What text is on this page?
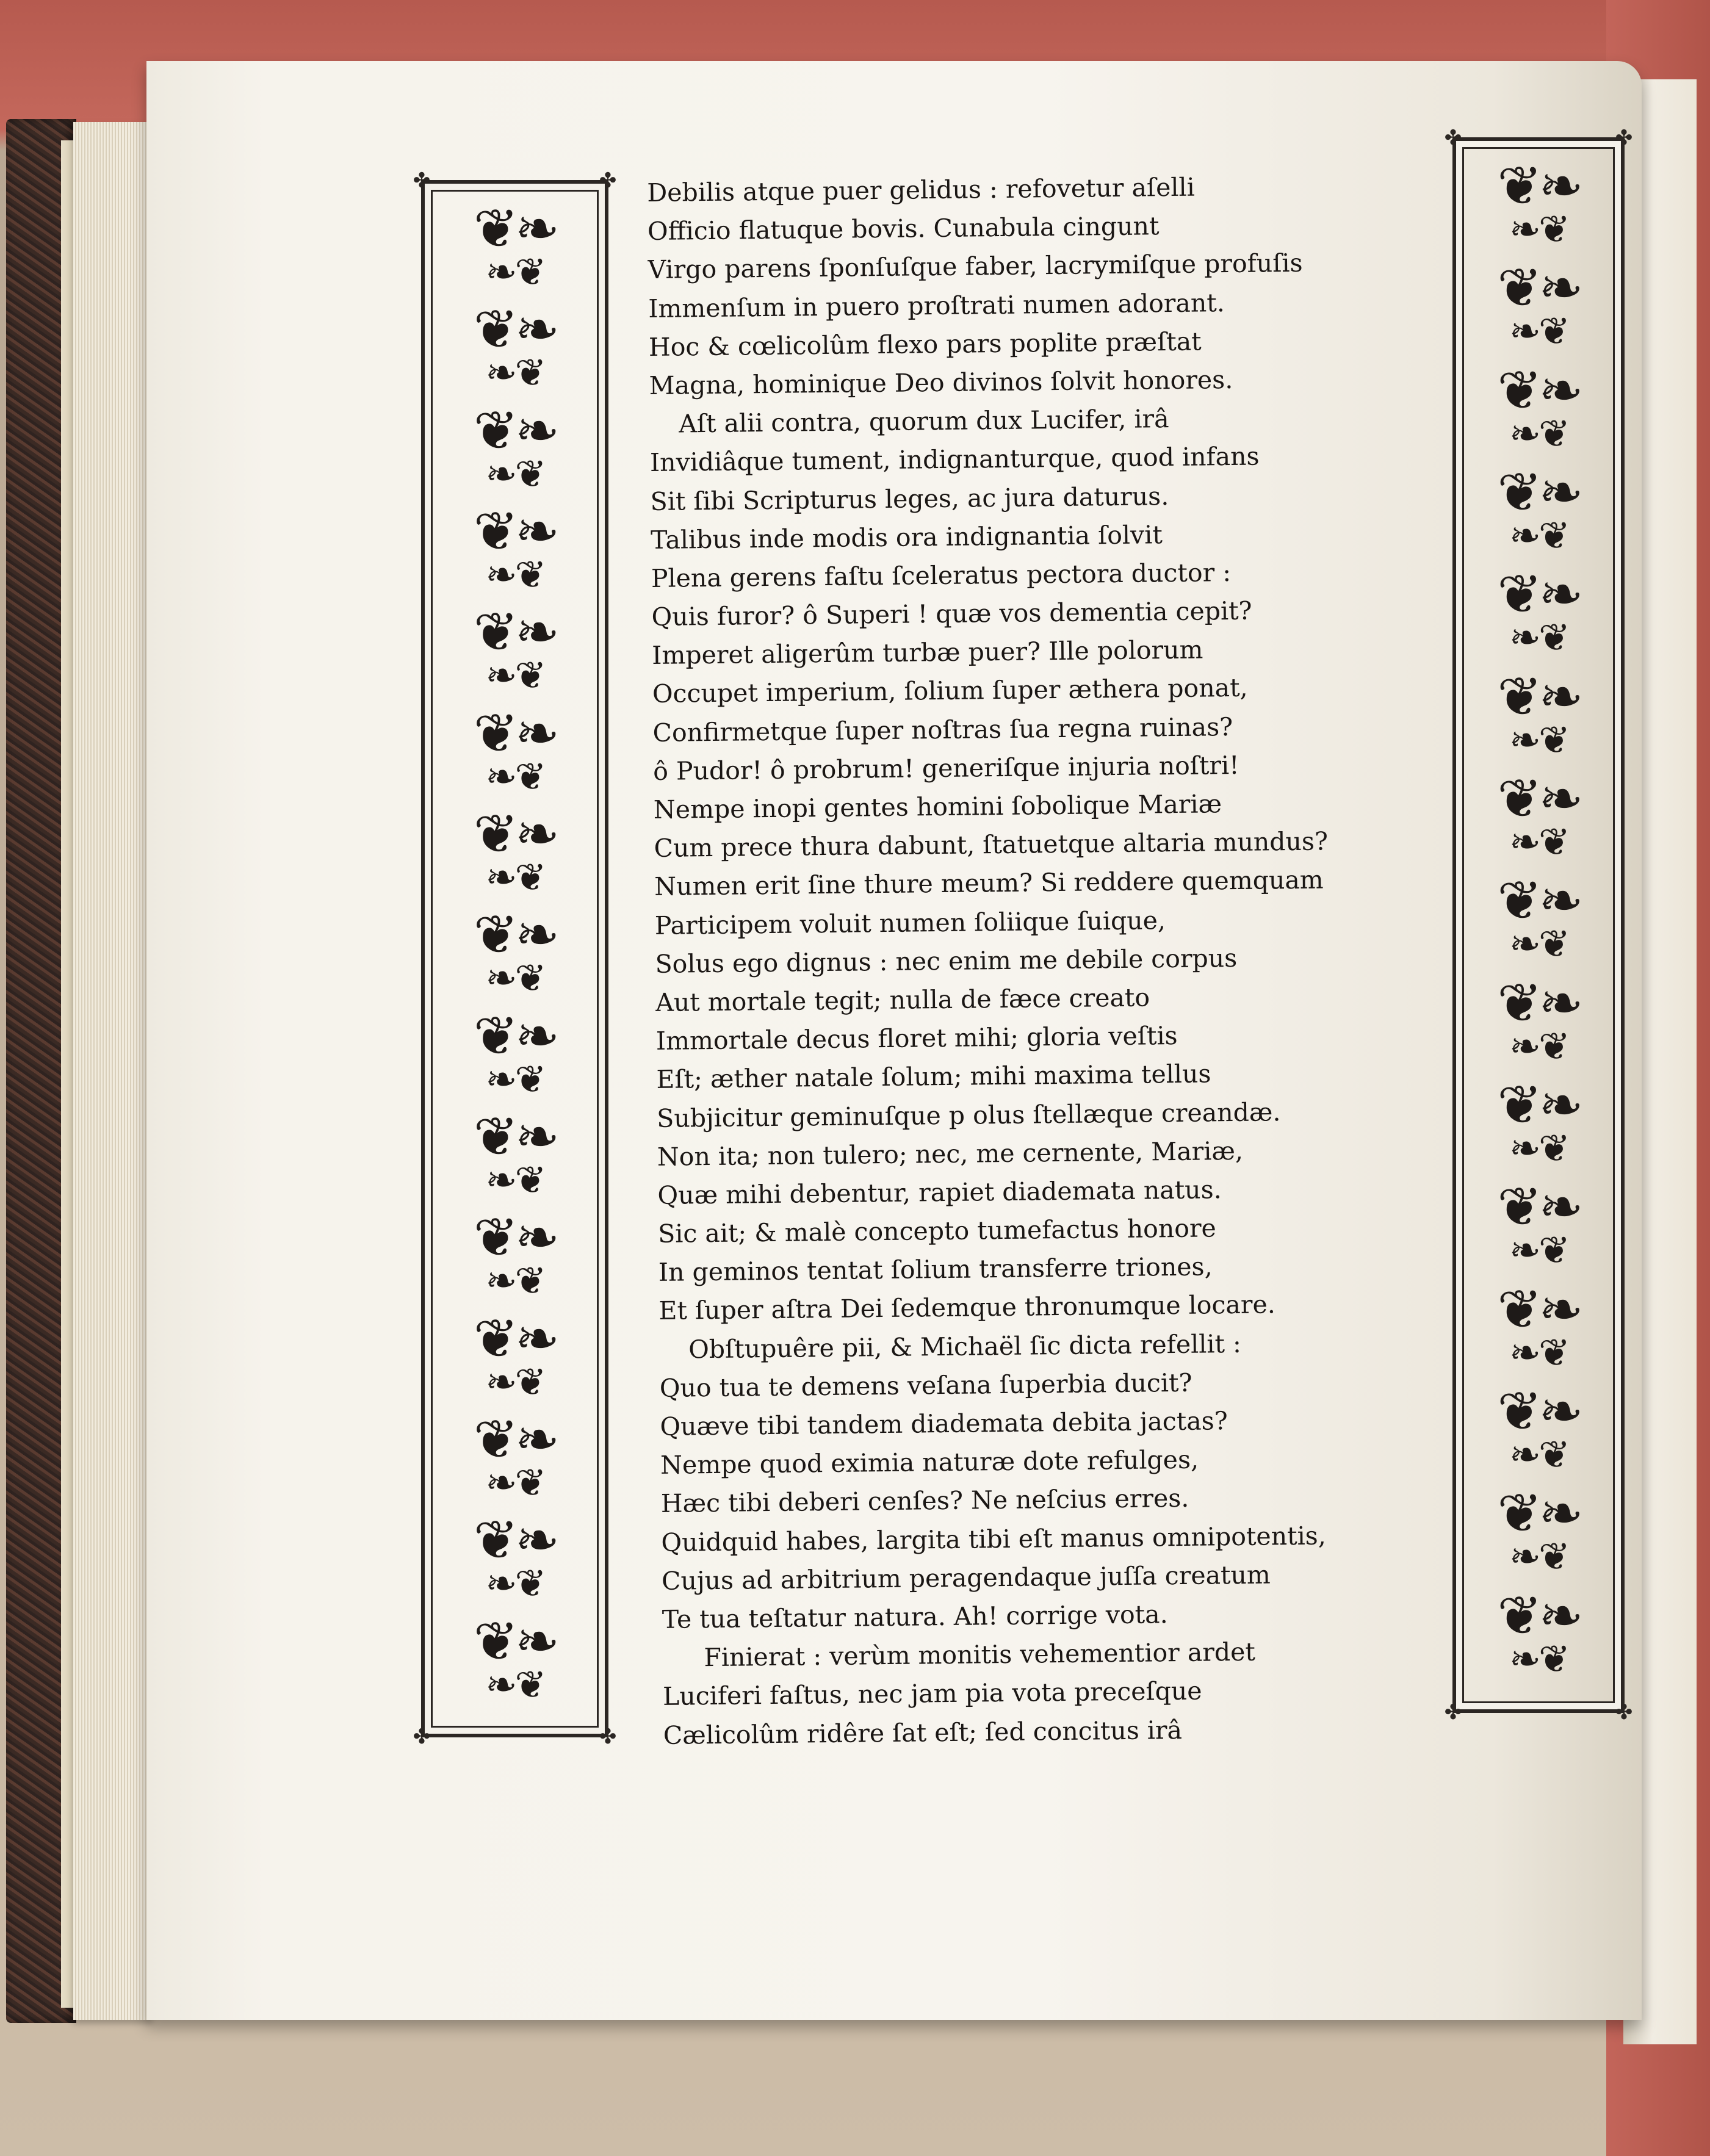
❦❧
❧❦
❦❧
❧❦
❦❧
❧❦
❦❧
❧❦
❦❧
❧❦
❦❧
❧❦
❦❧
❧❦
❦❧
❧❦
❦❧
❧❦
❦❧
❧❦
❦❧
❧❦
❦❧
❧❦
❦❧
❧❦
❦❧
❧❦
❦❧
❧❦
✤	✤
✤	✤
❦❧
❧❦
❦❧
❧❦
❦❧
❧❦
❦❧
❧❦
❦❧
❧❦
❦❧
❧❦
❦❧
❧❦
❦❧
❧❦
❦❧
❧❦
❦❧
❧❦
❦❧
❧❦
❦❧
❧❦
❦❧
❧❦
❦❧
❧❦
❦❧
❧❦
✤	✤
✤	✤
Debilis atque puer gelidus : refovetur aſelli
Officio flatuque bovis. Cunabula cingunt
Virgo parens ſponſuſque faber, lacrymiſque profuſis
Immenſum in puero proſtrati numen adorant.
Hoc & cœlicolûm flexo pars poplite præſtat
Magna, hominique Deo divinos ſolvit honores.
Aſt alii contra, quorum dux Lucifer, irâ
Invidiâque tument, indignanturque, quod infans
Sit ſibi Scripturus leges, ac jura daturus.
Talibus inde modis ora indignantia ſolvit
Plena gerens faſtu ſceleratus pectora ductor :
Quis furor? ô Superi ! quæ vos dementia cepit?
Imperet aligerûm turbæ puer? Ille polorum
Occupet imperium, ſolium ſuper æthera ponat,
Confirmetque ſuper noſtras ſua regna ruinas?
ô Pudor! ô probrum! generiſque injuria noſtri!
Nempe inopi gentes homini ſobolique Mariæ
Cum prece thura dabunt, ſtatuetque altaria mundus?
Numen erit ſine thure meum? Si reddere quemquam
Participem voluit numen ſoliique ſuique,
Solus ego dignus : nec enim me debile corpus
Aut mortale tegit; nulla de fæce creato
Immortale decus floret mihi; gloria veſtis
Eſt; æther natale ſolum; mihi maxima tellus
Subjicitur geminuſque p olus ſtellæque creandæ.
Non ita; non tulero; nec, me cernente, Mariæ,
Quæ mihi debentur, rapiet diademata natus.
Sic ait; & malè concepto tumefactus honore
In geminos tentat ſolium transferre triones,
Et ſuper aſtra Dei ſedemque thronumque locare.
Obſtupuêre pii, & Michaël ſic dicta refellit :
Quo tua te demens veſana ſuperbia ducit?
Quæve tibi tandem diademata debita jactas?
Nempe quod eximia naturæ dote refulges,
Hæc tibi deberi cenſes? Ne neſcius erres.
Quidquid habes, largita tibi eſt manus omnipotentis,
Cujus ad arbitrium peragendaque juſſa creatum
Te tua teſtatur natura. Ah! corrige vota.
Finierat : verùm monitis vehementior ardet
Luciferi faſtus, nec jam pia vota preceſque
Cælicolûm ridêre ſat eſt; ſed concitus irâ
